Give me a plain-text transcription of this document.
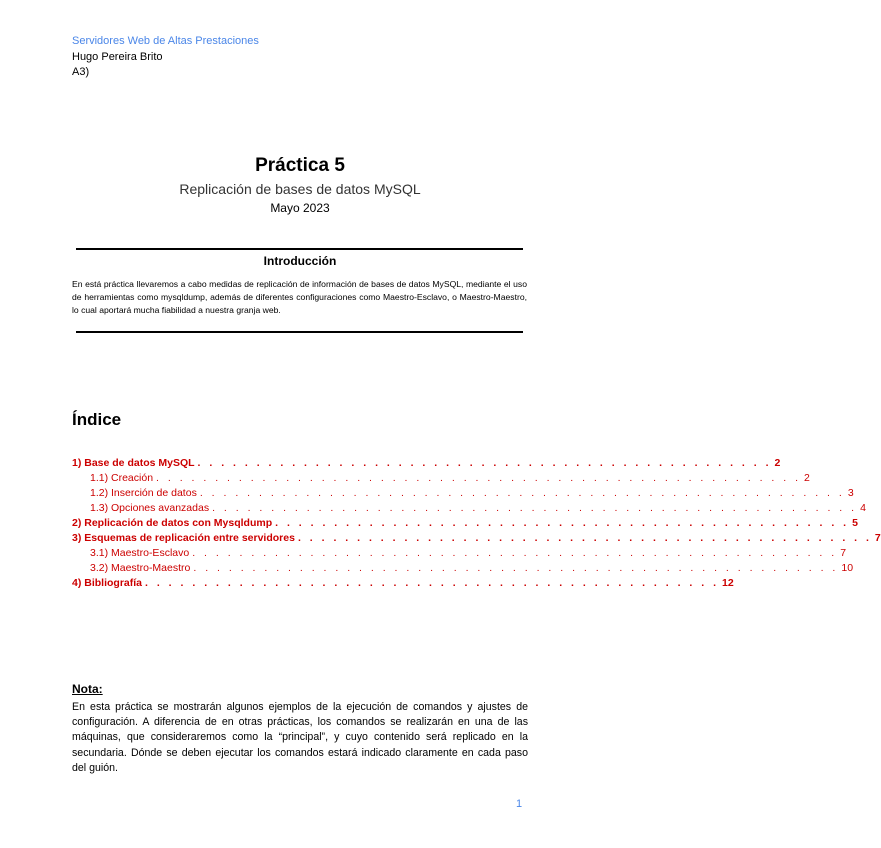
Servidores Web de Altas Prestaciones
Hugo Pereira Brito
A3)
Práctica 5
Replicación de bases de datos MySQL
Mayo 2023
Introducción
En está práctica llevaremos a cabo medidas de replicación de información de bases de datos MySQL, mediante el uso de herramientas como mysqldump, además de diferentes configuraciones como Maestro-Esclavo, o Maestro-Maestro, lo cual aportará mucha fiabilidad a nuestra granja web.
Índice
1) Base de datos MySQL . . . . . . . . . . . . . . . . . . . . . . . . . . . . . . . . . . . . . . . . . . . . . . . . . 2
1.1) Creación . . . . . . . . . . . . . . . . . . . . . . . . . . . . . . . . . . . . . . . . . . . . . . . . . . . . . . . 2
1.2) Inserción de datos . . . . . . . . . . . . . . . . . . . . . . . . . . . . . . . . . . . . . . . . . . . . . . . . . . . . . . . 3
1.3) Opciones avanzadas . . . . . . . . . . . . . . . . . . . . . . . . . . . . . . . . . . . . . . . . . . . . . . . . . . . . . . . 4
2) Replicación de datos con Mysqldump . . . . . . . . . . . . . . . . . . . . . . . . . . . . . . . . . . . . . . . . . . . . . . . . . 5
3) Esquemas de replicación entre servidores . . . . . . . . . . . . . . . . . . . . . . . . . . . . . . . . . . . . . . . . . . . . . . . . . 7
3.1) Maestro-Esclavo . . . . . . . . . . . . . . . . . . . . . . . . . . . . . . . . . . . . . . . . . . . . . . . . . . . . . . . 7
3.2) Maestro-Maestro . . . . . . . . . . . . . . . . . . . . . . . . . . . . . . . . . . . . . . . . . . . . . . . . . . . . . . . 10
4) Bibliografía . . . . . . . . . . . . . . . . . . . . . . . . . . . . . . . . . . . . . . . . . . . . . . . . . 12
Nota:
En esta práctica se mostrarán algunos ejemplos de la ejecución de comandos y ajustes de configuración. A diferencia de en otras prácticas, los comandos se realizarán en una de las máquinas, que consideraremos como la “principal”, y cuyo contenido será replicado en la secundaria. Dónde se deben ejecutar los comandos estará indicado claramente en cada paso del guión.
1
